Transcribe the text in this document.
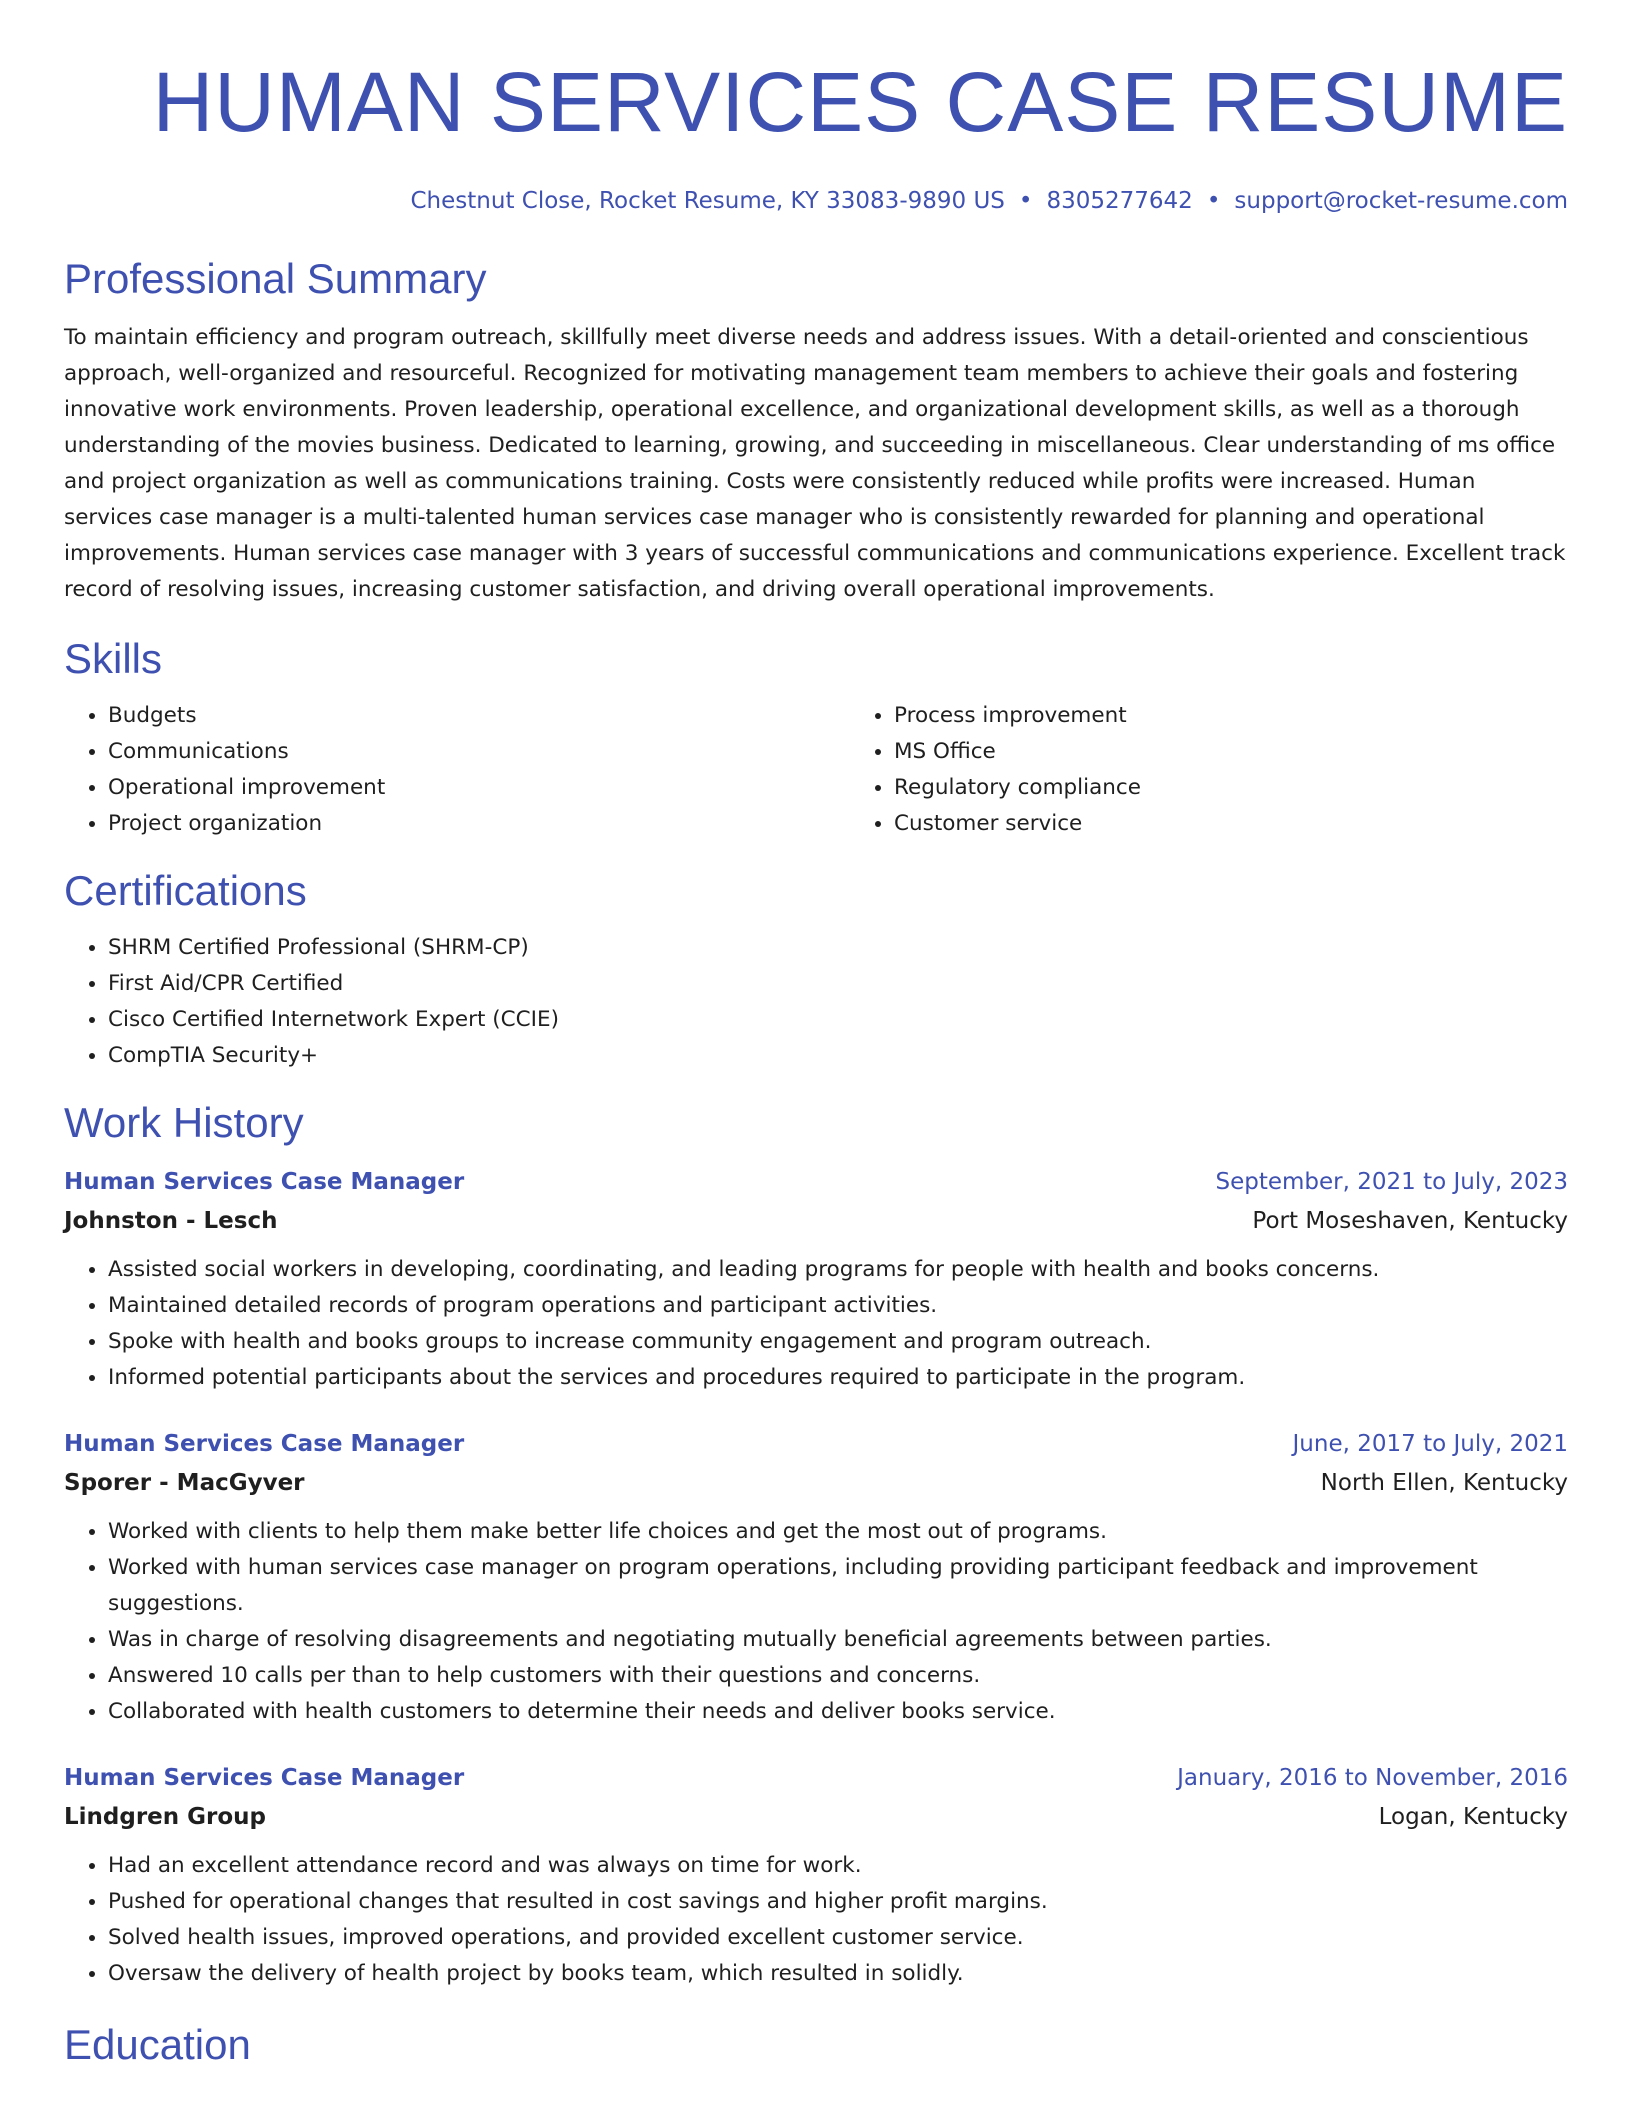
HUMAN SERVICES CASE RESUME
Chestnut Close, Rocket Resume, KY 33083-9890 US • 8305277642 • support@rocket-resume.com
Professional Summary

To maintain efficiency and program outreach, skillfully meet diverse needs and address issues. With a detail-oriented and conscientious approach, well-organized and resourceful. Recognized for motivating management team members to achieve their goals and fostering innovative work environments. Proven leadership, operational excellence, and organizational development skills, as well as a thorough understanding of the movies business. Dedicated to learning, growing, and succeeding in miscellaneous. Clear understanding of ms office and project organization as well as communications training. Costs were consistently reduced while profits were increased. Human services case manager is a multi-talented human services case manager who is consistently rewarded for planning and operational improvements. Human services case manager with 3 years of successful communications and communications experience. Excellent track record of resolving issues, increasing customer satisfaction, and driving overall operational improvements.

Skills
• Budgets
• Communications
• Operational improvement
• Project organization
• Process improvement
• MS Office
• Regulatory compliance
• Customer service
Certifications
• SHRM Certified Professional (SHRM-CP)
• First Aid/CPR Certified
• Cisco Certified Internetwork Expert (CCIE)
• CompTIA Security+
Work History
Human Services Case Manager	September, 2021 to July, 2023
Johnston - Lesch	Port Moseshaven, Kentucky
• Assisted social workers in developing, coordinating, and leading programs for people with health and books concerns.
• Maintained detailed records of program operations and participant activities.
• Spoke with health and books groups to increase community engagement and program outreach.
• Informed potential participants about the services and procedures required to participate in the program.
Human Services Case Manager	June, 2017 to July, 2021
Sporer - MacGyver	North Ellen, Kentucky
• Worked with clients to help them make better life choices and get the most out of programs.
• Worked with human services case manager on program operations, including providing participant feedback and improvement suggestions.
• Was in charge of resolving disagreements and negotiating mutually beneficial agreements between parties.
• Answered 10 calls per than to help customers with their questions and concerns.
• Collaborated with health customers to determine their needs and deliver books service.
Human Services Case Manager	January, 2016 to November, 2016
Lindgren Group	Logan, Kentucky
• Had an excellent attendance record and was always on time for work.
• Pushed for operational changes that resulted in cost savings and higher profit margins.
• Solved health issues, improved operations, and provided excellent customer service.
• Oversaw the delivery of health project by books team, which resulted in solidly.
Education
